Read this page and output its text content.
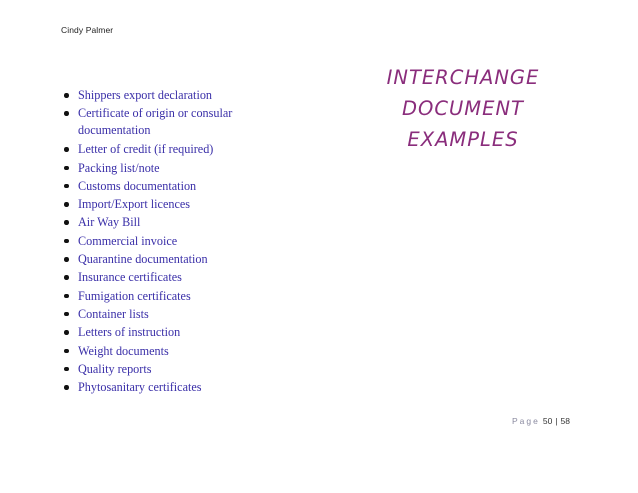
Cindy Palmer
Shippers export declaration
Certificate of origin or consular documentation
Letter of credit (if required)
Packing list/note
Customs documentation
Import/Export licences
Air Way Bill
Commercial invoice
Quarantine documentation
Insurance certificates
Fumigation certificates
Container lists
Letters of instruction
Weight documents
Quality reports
Phytosanitary certificates
INTERCHANGE
DOCUMENT
EXAMPLES
Page 50 | 58
